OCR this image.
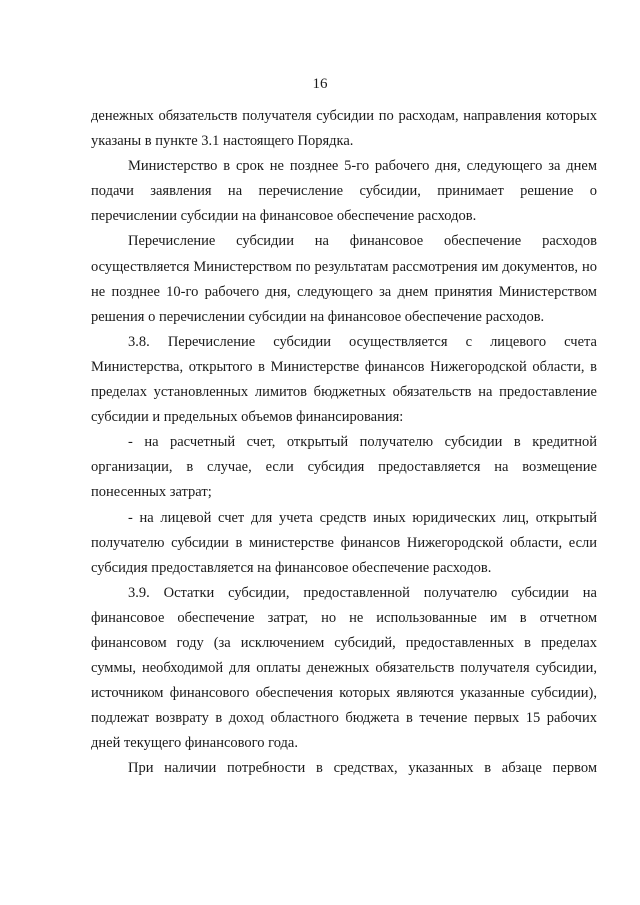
16

денежных обязательств получателя субсидии по расходам, направления которых указаны в пункте 3.1 настоящего Порядка.

Министерство в срок не позднее 5-го рабочего дня, следующего за днем подачи заявления на перечисление субсидии, принимает решение о перечислении субсидии на финансовое обеспечение расходов.

Перечисление субсидии на финансовое обеспечение расходов осуществляется Министерством по результатам рассмотрения им документов, но не позднее 10-го рабочего дня, следующего за днем принятия Министерством решения о перечислении субсидии на финансовое обеспечение расходов.

3.8. Перечисление субсидии осуществляется с лицевого счета Министерства, открытого в Министерстве финансов Нижегородской области, в пределах установленных лимитов бюджетных обязательств на предоставление субсидии и предельных объемов финансирования:

- на расчетный счет, открытый получателю субсидии в кредитной организации, в случае, если субсидия предоставляется на возмещение понесенных затрат;

- на лицевой счет для учета средств иных юридических лиц, открытый получателю субсидии в министерстве финансов Нижегородской области, если субсидия предоставляется на финансовое обеспечение расходов.

3.9. Остатки субсидии, предоставленной получателю субсидии на финансовое обеспечение затрат, но не использованные им в отчетном финансовом году (за исключением субсидий, предоставленных в пределах суммы, необходимой для оплаты денежных обязательств получателя субсидии, источником финансового обеспечения которых являются указанные субсидии), подлежат возврату в доход областного бюджета в течение первых 15 рабочих дней текущего финансового года.

При наличии потребности в средствах, указанных в абзаце первом
